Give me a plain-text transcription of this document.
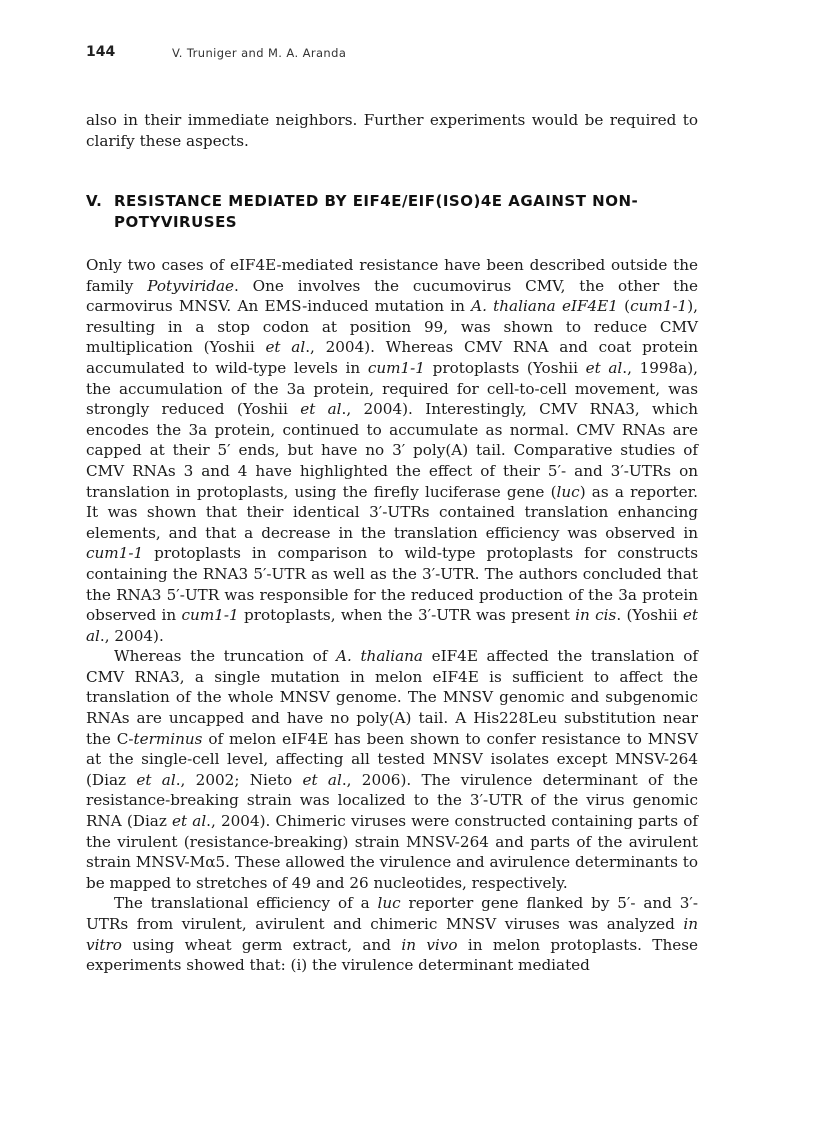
144	V. Truniger and M. A. Aranda

also in their immediate neighbors. Further experiments would be required to clarify these aspects.

V. RESISTANCE MEDIATED BY EIF4E/EIF(ISO)4E AGAINST NON-POTYVIRUSES

Only two cases of eIF4E-mediated resistance have been described outside the family Potyviridae. One involves the cucumovirus CMV, the other the carmovirus MNSV. An EMS-induced mutation in A. thaliana eIF4E1 (cum1-1), resulting in a stop codon at position 99, was shown to reduce CMV multiplication (Yoshii et al., 2004). Whereas CMV RNA and coat protein accumulated to wild-type levels in cum1-1 protoplasts (Yoshii et al., 1998a), the accumulation of the 3a protein, required for cell-to-cell movement, was strongly reduced (Yoshii et al., 2004). Interestingly, CMV RNA3, which encodes the 3a protein, continued to accumulate as normal. CMV RNAs are capped at their 5′ ends, but have no 3′ poly(A) tail. Comparative studies of CMV RNAs 3 and 4 have highlighted the effect of their 5′- and 3′-UTRs on translation in protoplasts, using the firefly luciferase gene (luc) as a reporter. It was shown that their identical 3′-UTRs contained translation enhancing elements, and that a decrease in the translation efficiency was observed in cum1-1 protoplasts in comparison to wild-type protoplasts for constructs containing the RNA3 5′-UTR as well as the 3′-UTR. The authors concluded that the RNA3 5′-UTR was responsible for the reduced production of the 3a protein observed in cum1-1 protoplasts, when the 3′-UTR was present in cis. (Yoshii et al., 2004).

Whereas the truncation of A. thaliana eIF4E affected the translation of CMV RNA3, a single mutation in melon eIF4E is sufficient to affect the translation of the whole MNSV genome. The MNSV genomic and subgenomic RNAs are uncapped and have no poly(A) tail. A His228Leu substitution near the C-terminus of melon eIF4E has been shown to confer resistance to MNSV at the single-cell level, affecting all tested MNSV isolates except MNSV-264 (Diaz et al., 2002; Nieto et al., 2006). The virulence determinant of the resistance-breaking strain was localized to the 3′-UTR of the virus genomic RNA (Diaz et al., 2004). Chimeric viruses were constructed containing parts of the virulent (resistance-breaking) strain MNSV-264 and parts of the avirulent strain MNSV-Mα5. These allowed the virulence and avirulence determinants to be mapped to stretches of 49 and 26 nucleotides, respectively.

The translational efficiency of a luc reporter gene flanked by 5′- and 3′-UTRs from virulent, avirulent and chimeric MNSV viruses was analyzed in vitro using wheat germ extract, and in vivo in melon protoplasts. These experiments showed that: (i) the virulence determinant mediated
